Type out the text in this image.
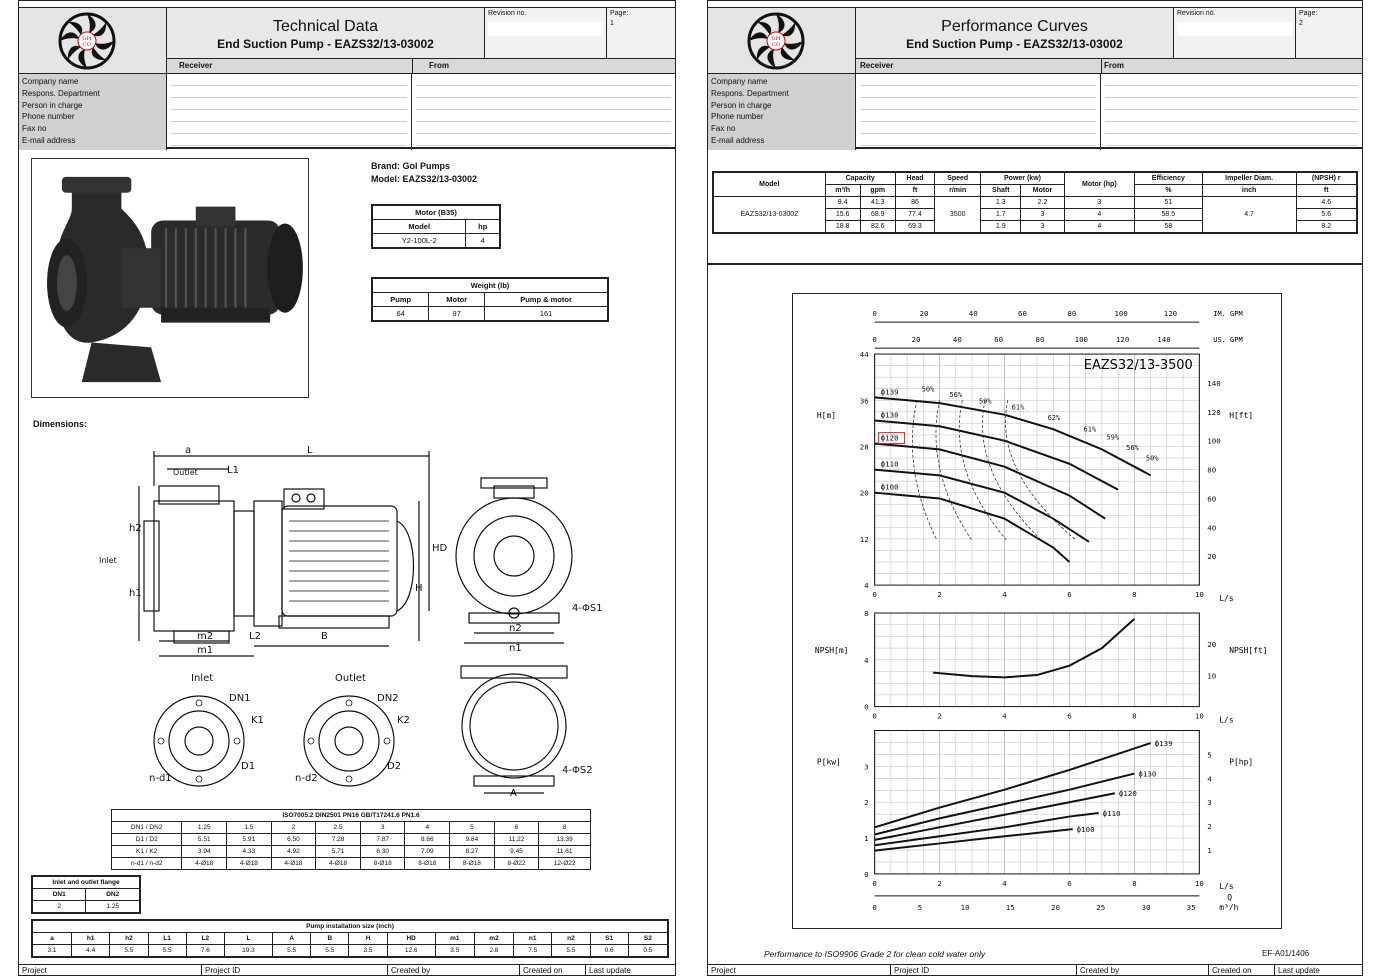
GPI
CO
Technical Data
End Suction Pump - EAZS32/13-03002
Revision no.	Page:
1
Receiver	From
Company name
Respons. Department
Person in charge
Phone number
Fax no
E-mail address
Brand: Gol Pumps
Model: EAZS32/13-03002
Motor (B35)	
Model	hp
Y2-100L-2	4
Weight (lb)		
Pump	Motor	Pump & motor
64	97	161
Dimensions:
a	L
Outlet	L1
h2
Inlet
h1
HD
H
m2
m1
L2	B
n2
n1
4-ΦS1
Inlet	Outlet
DN1
K1
D1
n-d1
DN2
K2
D2
n-d2
4-ΦS2
A
ISO7005.2 DIN2501 PN16 GB/T17241.6 PN1.6									
DN1 / DN2	1.25	1.5	2	2.5	3	4	5	6	8
D1 / D2	5.51	5.91	6.50	7.28	7.87	8.66	9.84	11.22	13.39
K1 / K2	3.94	4.33	4.92	5.71	6.30	7.09	8.27	9.45	11.61
n-d1 / n-d2	4-Ø18	4-Ø18	4-Ø18	4-Ø18	8-Ø18	8-Ø18	8-Ø18	8-Ø22	12-Ø22
Inlet and outlet flange	
DN1	DN2
2	1.25
Pump installation size (inch)															
a	h1	h2	L1	L2	L	A	B	H	HD	m1	m2	n1	n2	S1	S2
3.1	4.4	5.5	5.5	7.6	19.3	5.5	5.5	3.5	12.6	3.5	2.8	7.5	5.5	0.6	0.5
Project	Project ID	Created by	Created on	Last update
GPI
CO
Performance Curves
End Suction Pump - EAZS32/13-03002
Revision no.	Page:
2
Receiver	From
Company name
Respons. Department
Person in charge
Phone number
Fax no
E-mail address
Model	Capacity		Head	Speed	Power (kw)		Motor (hp)	Efficiency	Impeller Diam.	(NPSH) r
	m³/h	gpm	ft	r/min	Shaft	Motor		%	inch	ft
EAZS32/13-03002	9.4	41.3	86	3500	1.3	2.2	3	51	4.7	4.6
	15.6	68.9	77.4		1.7	3	4	58.5		5.6
	18.8	82.6	69.3		1.9	3	4	58		8.2
0	2	4	6	8	10
4
12
20
28
36
44
20
40
60
80
100
120
140
0	20	40	60	80	100	120
0	20	40	60	80	100	120	140
ϕ139
ϕ130
ϕ120
ϕ110
ϕ100
50%
56%
59%
61%
62%
61%
59%
56%
50%
0	2	4	6	8	10
0
4
8
10
20
0	2	4	6	8	10
0
1
2
3
1
2
3
4
5
0	5	10	15	20	25	30	35
ϕ139
ϕ130
ϕ120
ϕ110
ϕ100
EAZS32/13-3500
IM. GPM
US. GPM
H[m]	H[ft]
L/s
NPSH[m]	NPSH[ft]
L/s
P[kw]	P[hp]
L/s
Q
m³/h
Performance to ISO9906 Grade 2 for clean cold water only	EF-A01/1406
Project	Project ID	Created by	Created on	Last update
